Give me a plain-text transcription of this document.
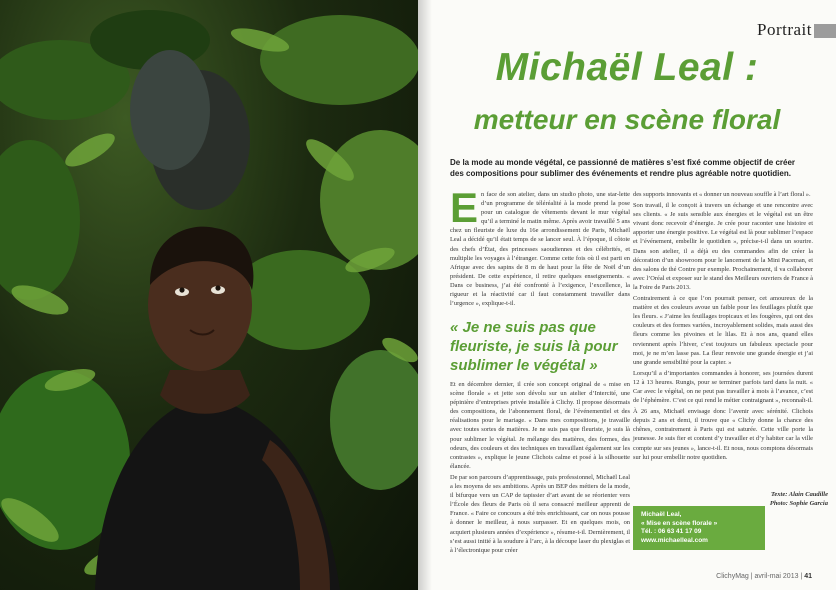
Portrait
Michaël Leal :
metteur en scène floral
De la mode au monde végétal, ce passionné de matières s’est fixé comme objectif de créer des compositions pour sublimer des événements et rendre plus agréable notre quotidien.
E n face de son atelier, dans un studio photo, une star-lette d’un programme de téléréalité à la mode prend la pose pour un catalogue de vêtements devant le mur végétal qu’il a terminé le matin même. Après avoir travaillé 5 ans chez un fleuriste de luxe du 16e arrondissement de Paris, Michaël Leal a décidé qu’il était temps de se lancer seul. À l’époque, il côtoie des chefs d’État, des princesses saoudiennes et des célébrités, et multiplie les voyages à l’étranger. Comme cette fois où il est parti en Afrique avec des sapins de 8 m de haut pour la fête de Noël d’un président. De cette expérience, il retire quelques enseignements. « Dans ce business, j’ai été confronté à l’exigence, l’excellence, la rigueur et la réactivité car il faut constamment travailler dans l’urgence », explique-t-il.

« Je ne suis pas que fleuriste, je suis là pour sublimer le végétal »

Et en décembre dernier, il crée son concept original de « mise en scène florale » et jette son dévolu sur un atelier d’Intercité, une pépinière d’entreprises privée installée à Clichy. Il propose désormais des compositions, de l’abonnement floral, de l’événementiel et des réalisations pour le mariage. « Dans mes compositions, je travaille avec toutes sortes de matières. Je ne suis pas que fleuriste, je suis là pour sublimer le végétal. Je mélange des matières, des formes, des odeurs, des couleurs et des techniques en travaillant également sur les contrastes », explique le jeune Clichois calme et posé à la silhouette élancée.

De par son parcours d’apprentissage, puis professionnel, Michaël Leal a les moyens de ses ambitions. Après un BEP des métiers de la mode, il bifurque vers un CAP de tapissier d’art avant de se réorienter vers l’École des fleurs de Paris où il sera consacré meilleur apprenti de France. « Faire ce concours a été très enrichissant, car on nous pousse à donner le meilleur, à nous surpasser. Et en quelques mois, on acquiert plusieurs années d’expérience », résume-t-il. Dernièrement, il s’est aussi initié à la soudure à l’arc, à la découpe laser du plexiglas et à l’électronique pour créer

des supports innovants et « donner un nouveau souffle à l’art floral ».

Son travail, il le conçoit à travers un échange et une rencontre avec ses clients. « Je suis sensible aux énergies et le végétal est un être vivant donc recevoir d’énergie. Je crée pour raconter une histoire et apporter une énergie positive. Le végétal est là pour sublimer l’espace et l’événement, embellir le quotidien », précise-t-il dans un sourire. Dans son atelier, il a déjà eu des commandes afin de créer la décoration d’un showroom pour le lancement de la Mini Paceman, et des salons de thé Contre pur exemple. Prochainement, il va collaborer avec l’Oréal et exposer sur le stand des Meilleurs ouvriers de France à la Foire de Paris 2013.

Contrairement à ce que l’on pourrait penser, cet amoureux de la matière et des couleurs avoue un faible pour les feuillages plutôt que les fleurs. « J’aime les feuillages tropicaux et les fougères, qui ont des couleurs et des formes variées, incroyablement solides, mais aussi des fleurs comme les pivoines et le lilas. Et à nos ans, quand elles reviennent après l’hiver, c’est toujours un fabuleux spectacle pour moi, je ne m’en lasse pas. La fleur renvoie une grande énergie et j’ai une grande sensibilité pour la capter. »

Lorsqu’il a d’importantes commandes à honorer, ses journées durent 12 à 13 heures. Rungis, pour se terminer parfois tard dans la nuit. « Car avec le végétal, on ne peut pas travailler à mois à l’avance, c’est de l’éphémère. C’est ce qui rend le métier contraignant », reconnaît-il.

À 26 ans, Michaël envisage donc l’avenir avec sérénité. Clichois depuis 2 ans et demi, il trouve que « Clichy donne la chance des chênes, contrairement à Paris qui est saturée. Cette ville porte la jeunesse. Je suis fier et content d’y travailler et d’y habiter car la ville compte sur ses jeunes », lance-t-il. Et nous, nous comptons désormais sur lui pour embellir notre quotidien.

Texte: Alain Caudille
Photo: Sophie Garcia
Michaël Leal,
« Mise en scène florale »
Tél. : 06 63 41 17 09
www.michaelleal.com
ClichyMag | avril-mai 2013 | 41
